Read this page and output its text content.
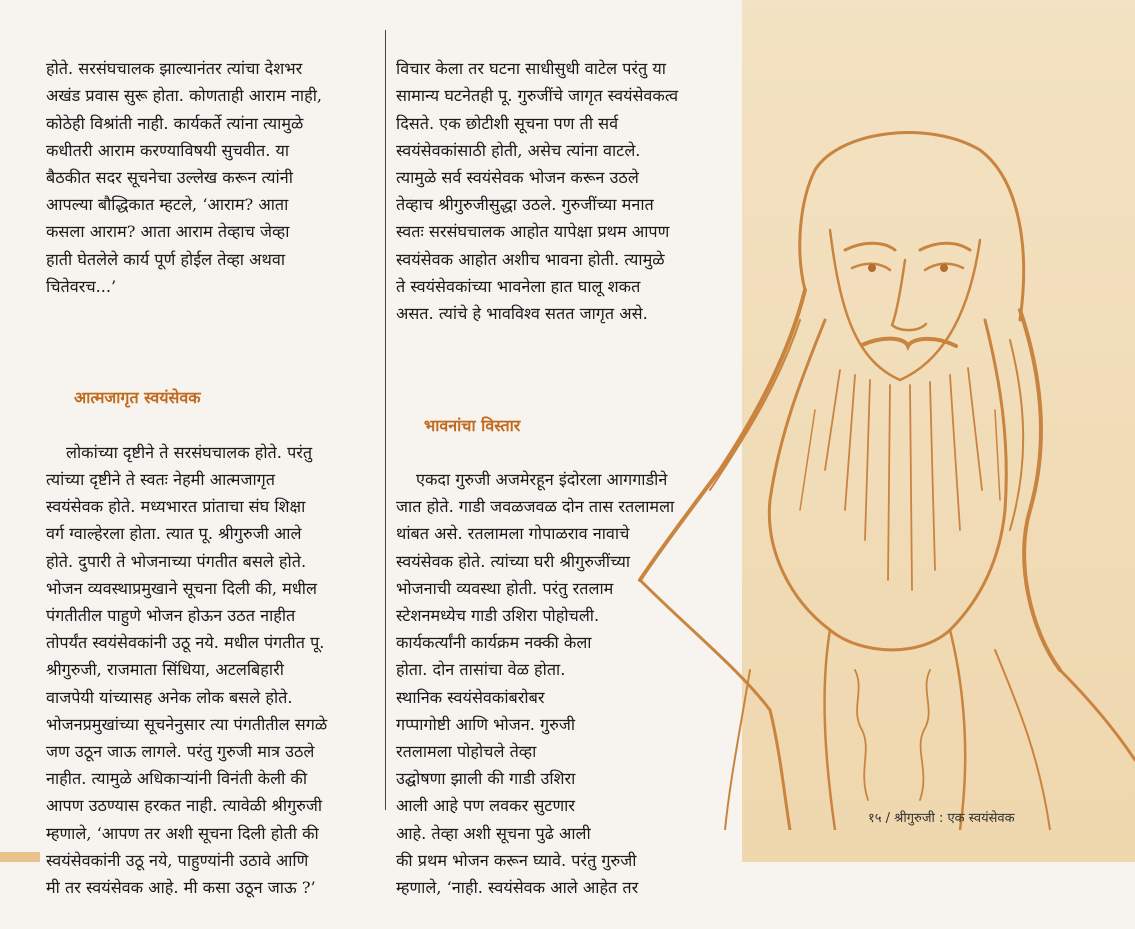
होते. सरसंघचालक झाल्यानंतर त्यांचा देशभर
अखंड प्रवास सुरू होता. कोणताही आराम नाही,
कोठेही विश्रांती नाही. कार्यकर्ते त्यांना त्यामुळे
कधीतरी आराम करण्याविषयी सुचवीत. या
बैठकीत सदर सूचनेचा उल्लेख करून त्यांनी
आपल्या बौद्धिकात म्हटले, ‘आराम? आता
कसला आराम? आता आराम तेव्हाच जेव्हा
हाती घेतलेले कार्य पूर्ण होईल तेव्हा अथवा
चितेवरच...’

आत्मजागृत स्वयंसेवक

लोकांच्या दृष्टीने ते सरसंघचालक होते. परंतु
त्यांच्या दृष्टीने ते स्वतः नेहमी आत्मजागृत
स्वयंसेवक होते. मध्यभारत प्रांताचा संघ शिक्षा
वर्ग ग्वाल्हेरला होता. त्यात पू. श्रीगुरुजी आले
होते. दुपारी ते भोजनाच्या पंगतीत बसले होते.
भोजन व्यवस्थाप्रमुखाने सूचना दिली की, मधील
पंगतीतील पाहुणे भोजन होऊन उठत नाहीत
तोपर्यंत स्वयंसेवकांनी उठू नये. मधील पंगतीत पू.
श्रीगुरुजी, राजमाता सिंधिया, अटलबिहारी
वाजपेयी यांच्यासह अनेक लोक बसले होते.
भोजनप्रमुखांच्या सूचनेनुसार त्या पंगतीतील सगळे
जण उठून जाऊ लागले. परंतु गुरुजी मात्र उठले
नाहीत. त्यामुळे अधिकाऱ्यांनी विनंती केली की
आपण उठण्यास हरकत नाही. त्यावेळी श्रीगुरुजी
म्हणाले, ‘आपण तर अशी सूचना दिली होती की
स्वयंसेवकांनी उठू नये, पाहुण्यांनी उठावे आणि
मी तर स्वयंसेवक आहे. मी कसा उठून जाऊ ?’

विचार केला तर घटना साधीसुधी वाटेल परंतु या
सामान्य घटनेतही पू. गुरुजींचे जागृत स्वयंसेवकत्व
दिसते. एक छोटीशी सूचना पण ती सर्व
स्वयंसेवकांसाठी होती, असेच त्यांना वाटले.
त्यामुळे सर्व स्वयंसेवक भोजन करून उठले
तेव्हाच श्रीगुरुजीसुद्धा उठले. गुरुजींच्या मनात
स्वतः सरसंघचालक आहोत यापेक्षा प्रथम आपण
स्वयंसेवक आहोत अशीच भावना होती. त्यामुळे
ते स्वयंसेवकांच्या भावनेला हात घालू शकत
असत. त्यांचे हे भावविश्व सतत जागृत असे.

भावनांचा विस्तार

एकदा गुरुजी अजमेरहून इंदोरला आगगाडीने
जात होते. गाडी जवळजवळ दोन तास रतलामला
थांबत असे. रतलामला गोपाळराव नावाचे
स्वयंसेवक होते. त्यांच्या घरी श्रीगुरुजींच्या
भोजनाची व्यवस्था होती. परंतु रतलाम
स्टेशनमध्येच गाडी उशिरा पोहोचली.
कार्यकर्त्यांनी कार्यक्रम नक्की केला
होता. दोन तासांचा वेळ होता.
स्थानिक स्वयंसेवकांबरोबर
गप्पागोष्टी आणि भोजन. गुरुजी
रतलामला पोहोचले तेव्हा
उद्घोषणा झाली की गाडी उशिरा
आली आहे पण लवकर सुटणार
आहे. तेव्हा अशी सूचना पुढे आली
की प्रथम भोजन करून घ्यावे. परंतु गुरुजी
म्हणाले, ‘नाही. स्वयंसेवक आले आहेत तर

१५ / श्रीगुरुजी : एक स्वयंसेवक
